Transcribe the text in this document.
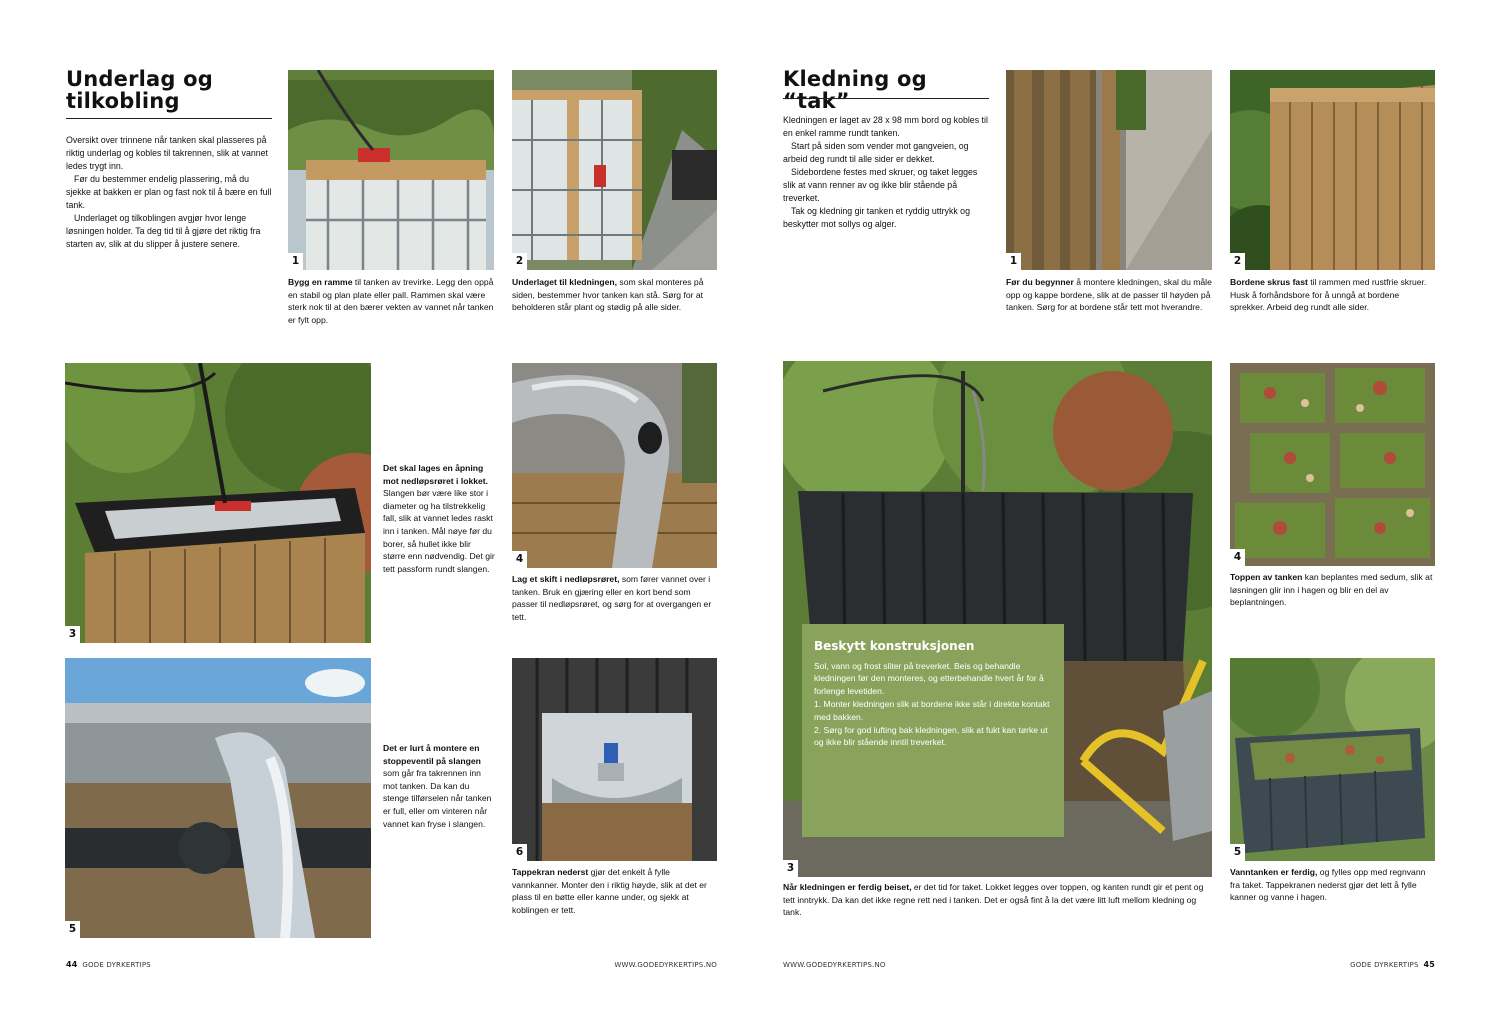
Underlag og tilkobling

Oversikt over trinnene når tanken skal plasseres på riktig underlag og kobles til takrennen, slik at vannet ledes trygt inn.

Før du bestemmer endelig plassering, må du sjekke at bakken er plan og fast nok til å bære en full tank.

Underlaget og tilkoblingen avgjør hvor lenge løsningen holder. Ta deg tid til å gjøre det riktig fra starten av, slik at du slipper å justere senere.

1
Bygg en ramme til tanken av trevirke. Legg den oppå en stabil og plan plate eller pall. Rammen skal være sterk nok til at den bærer vekten av vannet når tanken er fylt opp.
2
Underlaget til kledningen, som skal monteres på siden, bestemmer hvor tanken kan stå. Sørg for at beholderen står plant og stødig på alle sider.
3
Det skal lages en åpning mot nedløpsrøret i lokket. Slangen bør være like stor i diameter og ha tilstrekkelig fall, slik at vannet ledes raskt inn i tanken. Mål nøye før du borer, så hullet ikke blir større enn nødvendig. Det gir tett passform rundt slangen.
4
Lag et skift i nedløpsrøret, som fører vannet over i tanken. Bruk en gjæring eller en kort bend som passer til nedløpsrøret, og sørg for at overgangen er tett.
5
Det er lurt å montere en stoppeventil på slangen som går fra takrennen inn mot tanken. Da kan du stenge tilførselen når tanken er full, eller om vinteren når vannet kan fryse i slangen.
6
Tappekran nederst gjør det enkelt å fylle vannkanner. Monter den i riktig høyde, slik at det er plass til en bøtte eller kanne under, og sjekk at koblingen er tett.
44 GODE DYRKERTIPS	WWW.GODEDYRKERTIPS.NO
Kledning og “tak”

Kledningen er laget av 28 x 98 mm bord og kobles til en enkel ramme rundt tanken.

Start på siden som vender mot gangveien, og arbeid deg rundt til alle sider er dekket.

Sidebordene festes med skruer, og taket legges slik at vann renner av og ikke blir stående på treverket.

Tak og kledning gir tanken et ryddig uttrykk og beskytter mot sollys og alger.

1
Før du begynner å montere kledningen, skal du måle opp og kappe bordene, slik at de passer til høyden på tanken. Sørg for at bordene står tett mot hverandre.
2
Bordene skrus fast til rammen med rustfrie skruer. Husk å forhåndsbore for å unngå at bordene sprekker. Arbeid deg rundt alle sider.
3
Beskytt konstruksjonen

Sol, vann og frost sliter på treverket. Beis og behandle kledningen før den monteres, og etterbehandle hvert år for å forlenge levetiden.

1. Monter kledningen slik at bordene ikke står i direkte kontakt med bakken.

2. Sørg for god lufting bak kledningen, slik at fukt kan tørke ut og ikke blir stående inntil treverket.

Når kledningen er ferdig beiset, er det tid for taket. Lokket legges over toppen, og kanten rundt gir et pent og tett inntrykk. Da kan det ikke regne rett ned i tanken. Det er også fint å la det være litt luft mellom kledning og tank.
4
Toppen av tanken kan beplantes med sedum, slik at løsningen glir inn i hagen og blir en del av beplantningen.
5
Vanntanken er ferdig, og fylles opp med regnvann fra taket. Tappekranen nederst gjør det lett å fylle kanner og vanne i hagen.
WWW.GODEDYRKERTIPS.NO	GODE DYRKERTIPS 45
